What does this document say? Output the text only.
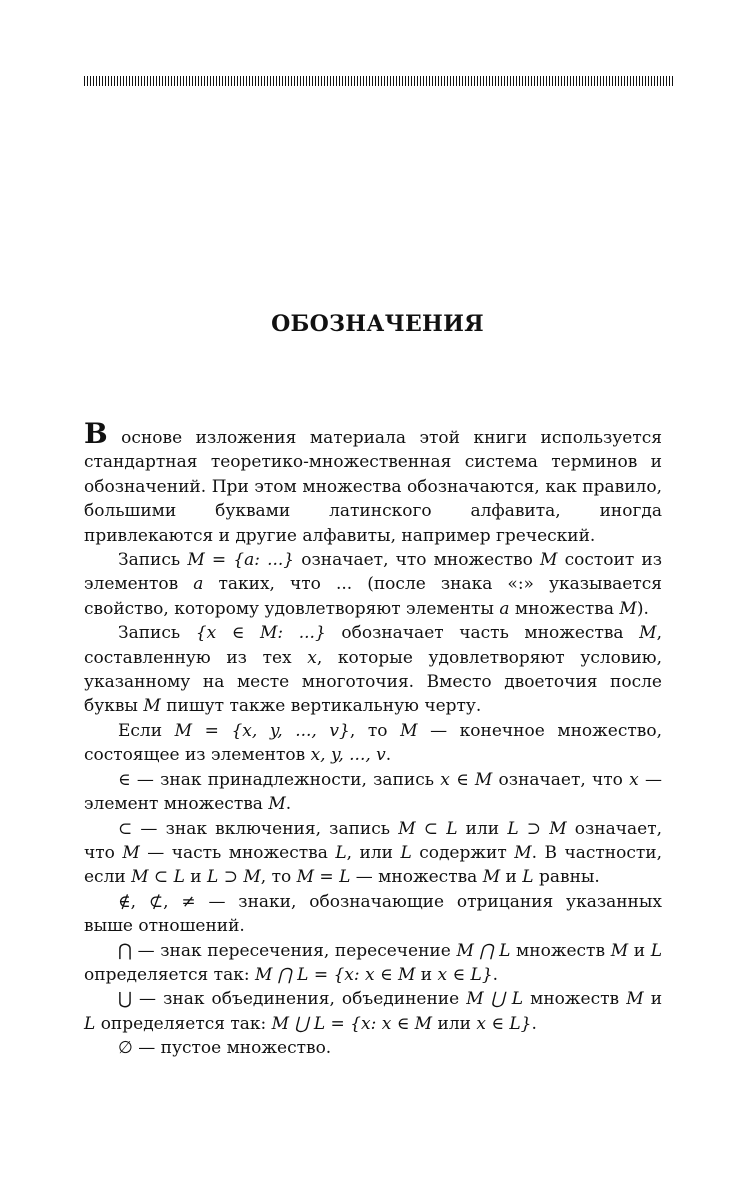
ОБОЗНАЧЕНИЯ

В основе изложения материала этой книги используется стандартная теоретико-множественная система терминов и обозначений. При этом множества обозначаются, как правило, большими буквами латинского алфавита, иногда привлекаются и другие алфавиты, например греческий.

Запись M = {a: ...} означает, что множество M состоит из элементов a таких, что ... (после знака «:» указывается свойство, которому удовлетворяют элементы a множества M).

Запись {x ∈ M: ...} обозначает часть множества M, составленную из тех x, которые удовлетворяют условию, указанному на месте многоточия. Вместо двоеточия после буквы M пишут также вертикальную черту.

Если M = {x, y, ..., v}, то M — конечное множество, состоящее из элементов x, y, ..., v.

∈ — знак принадлежности, запись x ∈ M означает, что x — элемент множества M.

⊂ — знак включения, запись M ⊂ L или L ⊃ M означает, что M — часть множества L, или L содержит M. В частности, если M ⊂ L и L ⊃ M, то M = L — множества M и L равны.

∉, ⊄, ≠ — знаки, обозначающие отрицания указанных выше отношений.

⋂ — знак пересечения, пересечение M ⋂ L множеств M и L определяется так: M ⋂ L = {x: x ∈ M и x ∈ L}.

⋃ — знак объединения, объединение M ⋃ L множеств M и L определяется так: M ⋃ L = {x: x ∈ M или x ∈ L}.

∅ — пустое множество.
